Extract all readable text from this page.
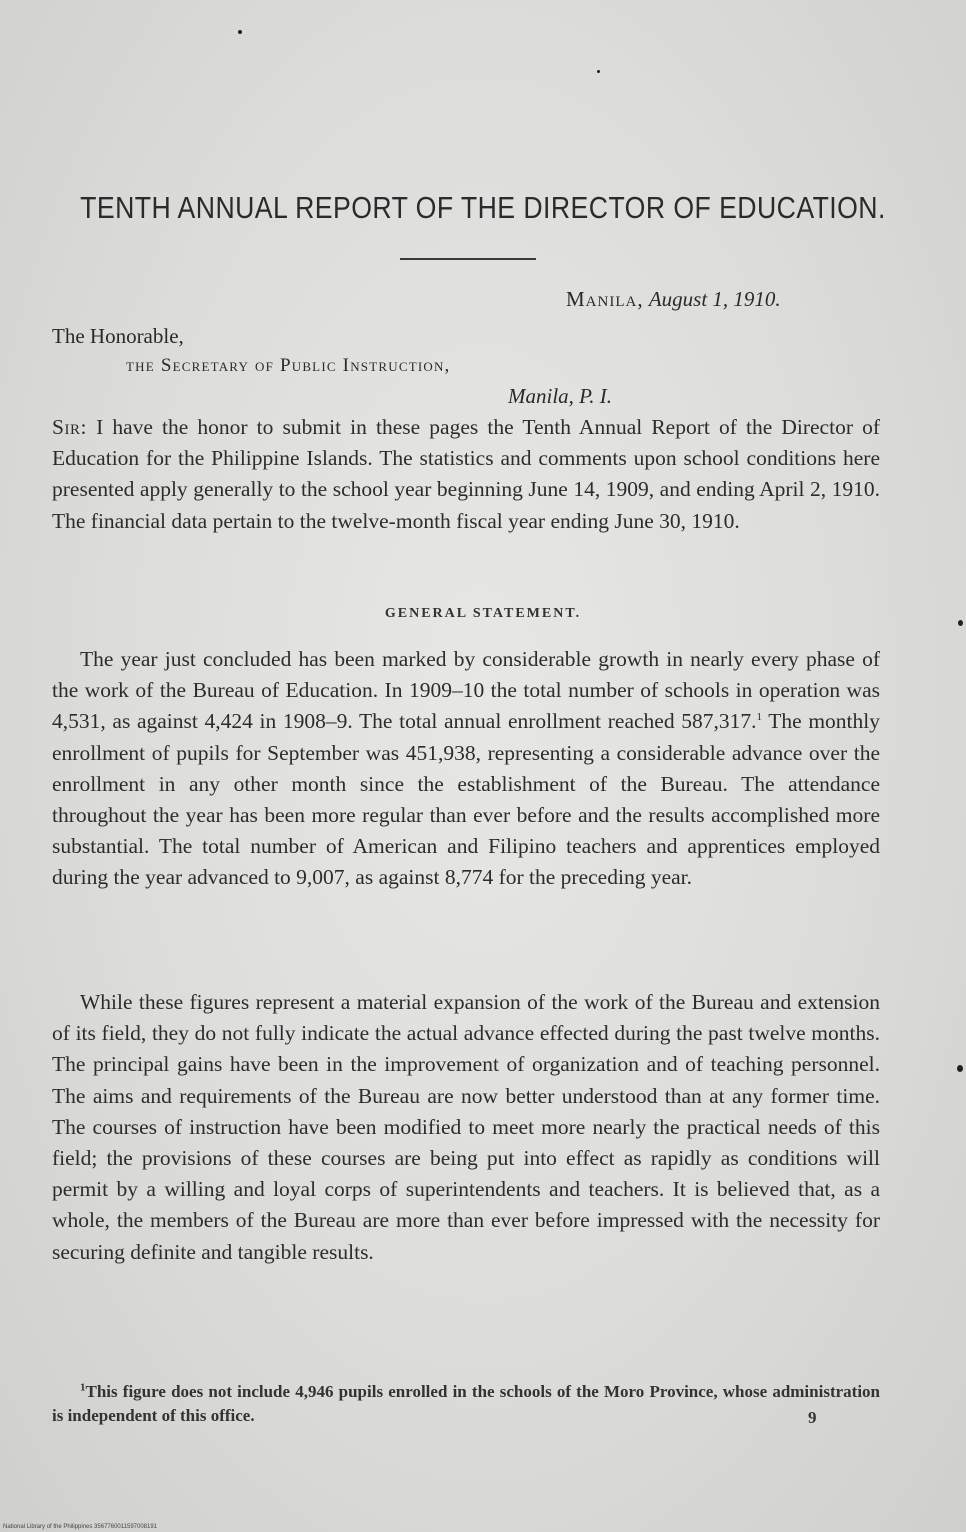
TENTH ANNUAL REPORT OF THE DIRECTOR OF EDUCATION.
Manila, August 1, 1910.
The Honorable,
the Secretary of Public Instruction,
Manila, P. I.

Sir: I have the honor to submit in these pages the Tenth Annual Report of the Director of Education for the Philippine Islands. The statistics and comments upon school conditions here presented apply generally to the school year beginning June 14, 1909, and ending April 2, 1910. The financial data pertain to the twelve-month fiscal year ending June 30, 1910.

GENERAL STATEMENT.

The year just concluded has been marked by considerable growth in nearly every phase of the work of the Bureau of Education. In 1909–10 the total number of schools in operation was 4,531, as against 4,424 in 1908–9. The total annual enrollment reached 587,317.$^1$ The monthly enrollment of pupils for September was 451,938, representing a considerable advance over the enrollment in any other month since the establishment of the Bureau. The attendance throughout the year has been more regular than ever before and the results accomplished more substantial. The total number of American and Filipino teachers and apprentices employed during the year advanced to 9,007, as against 8,774 for the preceding year.

While these figures represent a material expansion of the work of the Bureau and extension of its field, they do not fully indicate the actual advance effected during the past twelve months. The principal gains have been in the improvement of organization and of teaching personnel. The aims and requirements of the Bureau are now better understood than at any former time. The courses of instruction have been modified to meet more nearly the practical needs of this field; the provisions of these courses are being put into effect as rapidly as conditions will permit by a willing and loyal corps of superintendents and teachers. It is believed that, as a whole, the members of the Bureau are more than ever before impressed with the necessity for securing definite and tangible results.

$^1$This figure does not include 4,946 pupils enrolled in the schools of the Moro Province, whose administration is independent of this office.	9
National Library of the Philippines 3567760011597008191
